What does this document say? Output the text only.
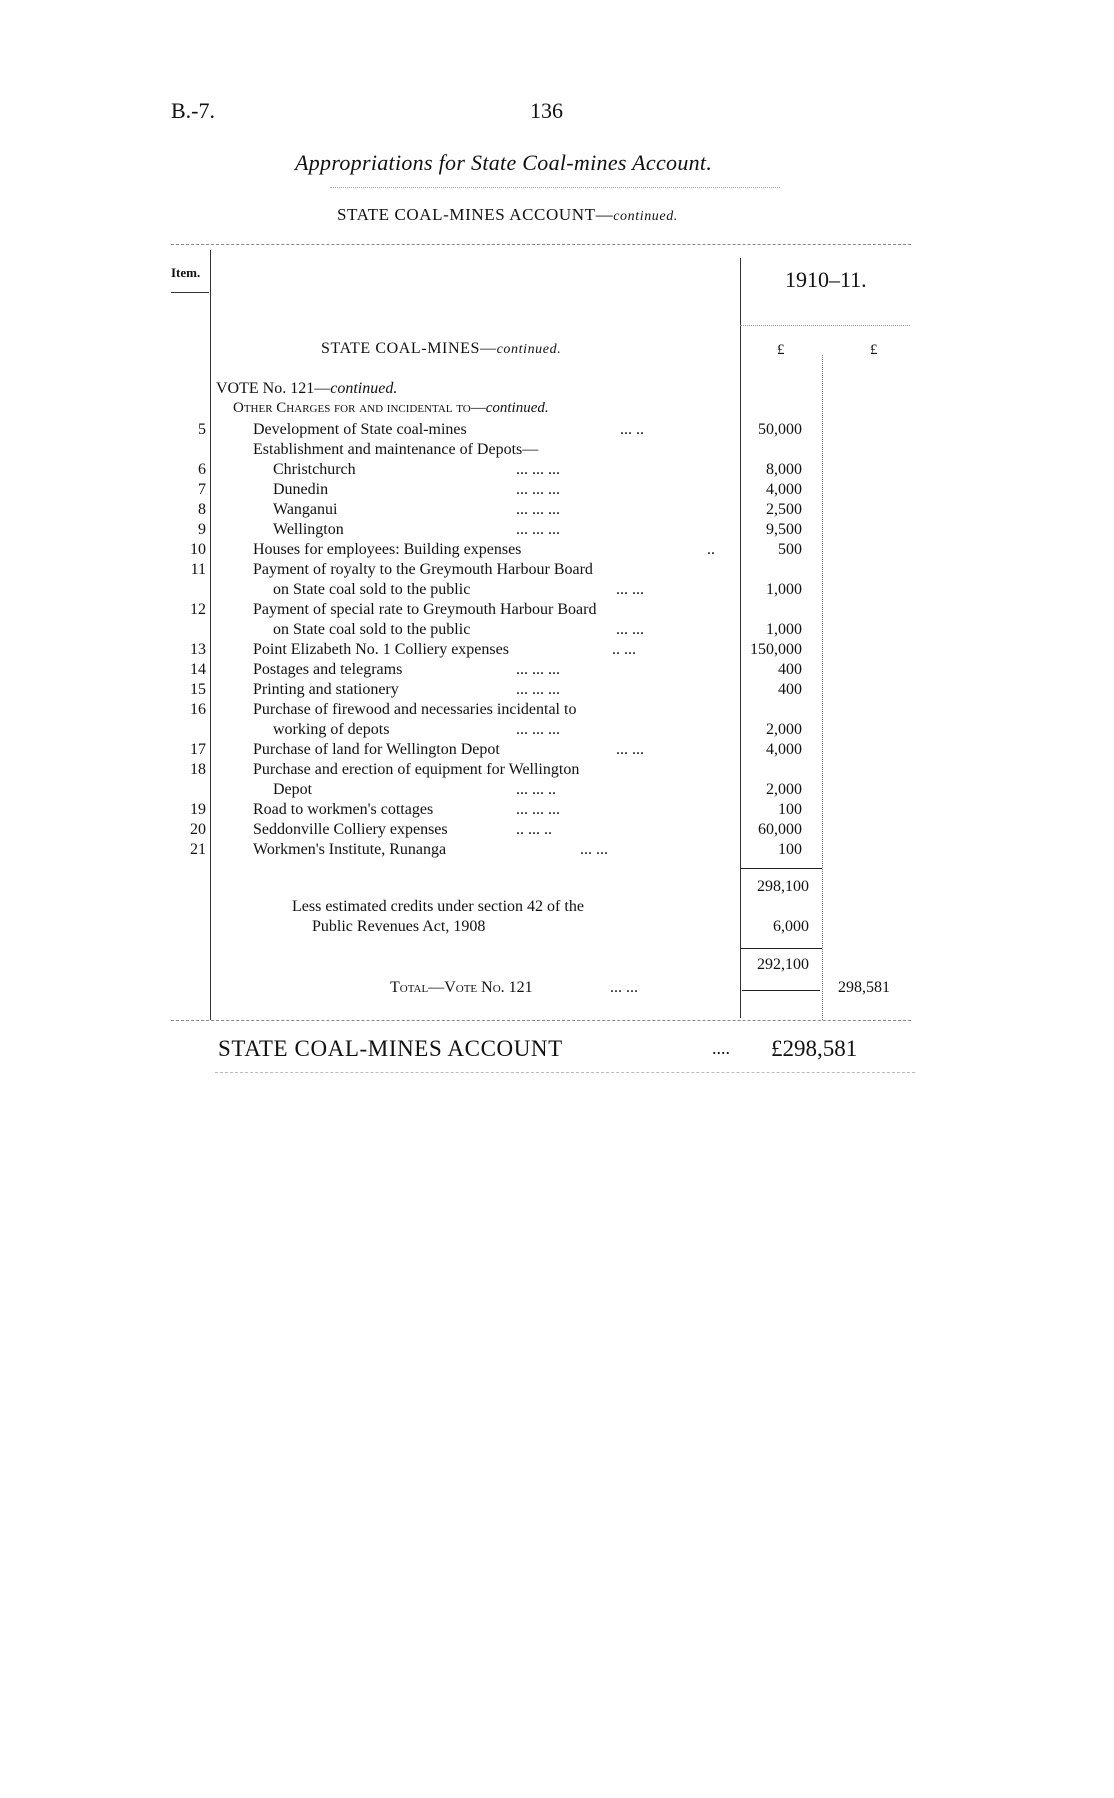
B.-7.	136
Appropriations for State Coal-mines Account.
STATE COAL-MINES ACCOUNT—continued.
Item.	1910–11.
STATE COAL-MINES—continued.	£	£
VOTE No. 121—continued.
Other Charges for and incidental to—continued.
5	Development of State coal-mines	... ..	50,000
Establishment and maintenance of Depots—
6	Christchurch	... ... ...	8,000
7	Dunedin	... ... ...	4,000
8	Wanganui	... ... ...	2,500
9	Wellington	... ... ...	9,500
10	Houses for employees: Building expenses	..	500
11	Payment of royalty to the Greymouth Harbour Board
on State coal sold to the public	... ...	1,000
12	Payment of special rate to Greymouth Harbour Board
on State coal sold to the public	... ...	1,000
13	Point Elizabeth No. 1 Colliery expenses	.. ...	150,000
14	Postages and telegrams	... ... ...	400
15	Printing and stationery	... ... ...	400
16	Purchase of firewood and necessaries incidental to
working of depots	... ... ...	2,000
17	Purchase of land for Wellington Depot	... ...	4,000
18	Purchase and erection of equipment for Wellington
Depot	... ... ..	2,000
19	Road to workmen's cottages	... ... ...	100
20	Seddonville Colliery expenses	.. ... ..	60,000
21	Workmen's Institute, Runanga	... ...	100
298,100
Less estimated credits under section 42 of the
Public Revenues Act, 1908	6,000
292,100
Total—Vote No. 121	... ...	298,581
STATE COAL-MINES ACCOUNT	.... £298,581
